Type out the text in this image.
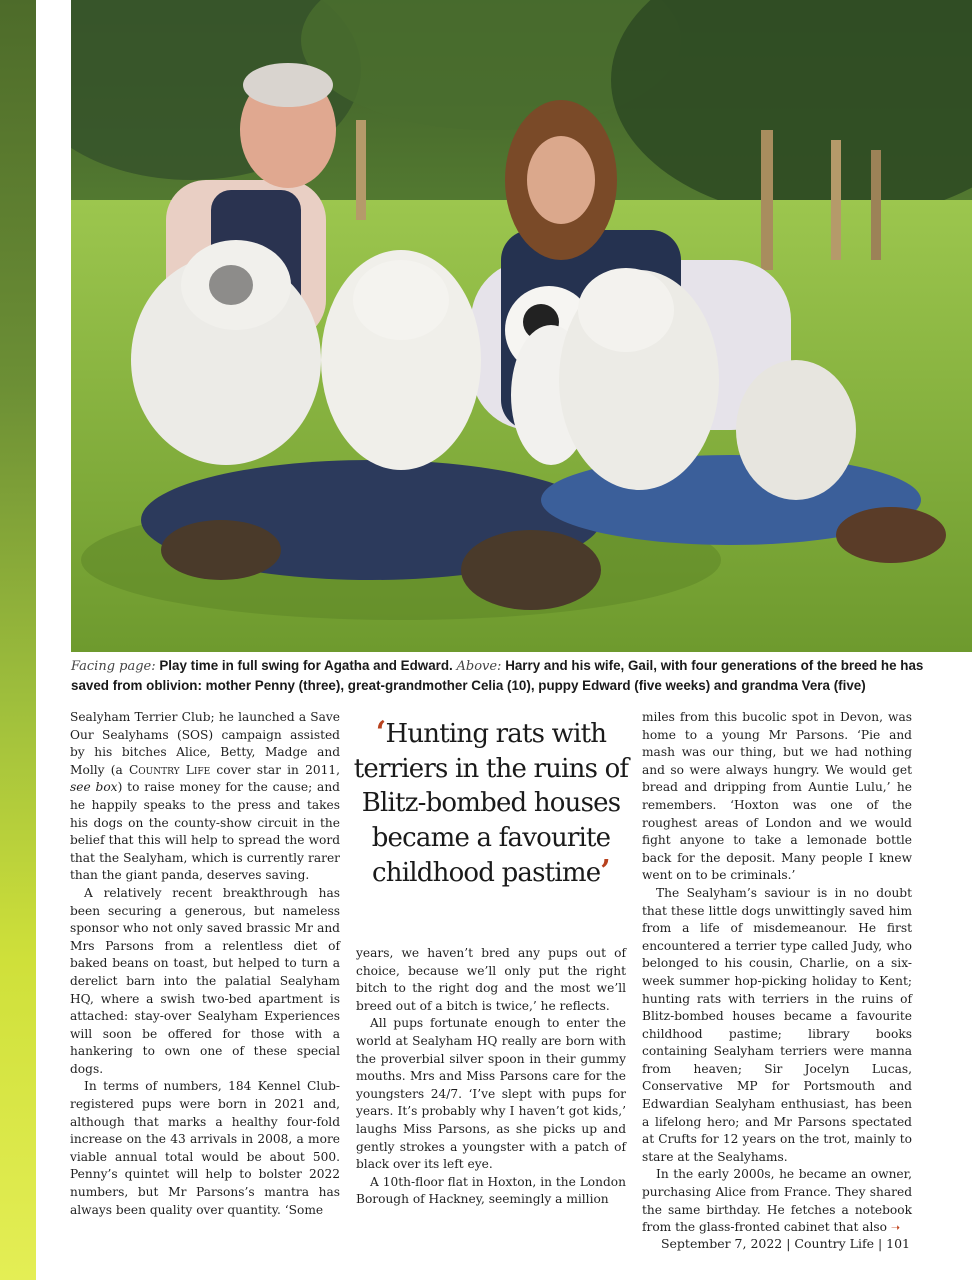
Facing page: Play time in full swing for Agatha and Edward. Above: Harry and his wife, Gail, with four generations of the breed he has saved from oblivion: mother Penny (three), great-grandmother Celia (10), puppy Edward (five weeks) and grandma Vera (five)

Sealyham Terrier Club; he launched a Save Our Sealyhams (SOS) campaign assisted by his bitches Alice, Betty, Madge and Molly (a Country Life cover star in 2011, see box) to raise money for the cause; and he happily speaks to the press and takes his dogs on the county-show circuit in the belief that this will help to spread the word that the Sealyham, which is currently rarer than the giant panda, deserves saving.

A relatively recent breakthrough has been securing a generous, but nameless sponsor who not only saved brassic Mr and Mrs Parsons from a relentless diet of baked beans on toast, but helped to turn a derelict barn into the palatial Sealyham HQ, where a swish two-bed apartment is attached: stay-over Sealyham Experiences will soon be offered for those with a hankering to own one of these special dogs.

In terms of numbers, 184 Kennel Club-registered pups were born in 2021 and, although that marks a healthy four-fold increase on the 43 arrivals in 2008, a more viable annual total would be about 500. Penny’s quintet will help to bolster 2022 numbers, but Mr Parsons’s mantra has always been quality over quantity. ‘Some

‘Hunting rats with terriers in the ruins of Blitz-bombed houses became a favourite childhood pastime’

years, we haven’t bred any pups out of choice, because we’ll only put the right bitch to the right dog and the most we’ll breed out of a bitch is twice,’ he reflects.

All pups fortunate enough to enter the world at Sealyham HQ really are born with the proverbial silver spoon in their gummy mouths. Mrs and Miss Parsons care for the youngsters 24/7. ‘I’ve slept with pups for years. It’s probably why I haven’t got kids,’ laughs Miss Parsons, as she picks up and gently strokes a youngster with a patch of black over its left eye.

A 10th-floor flat in Hoxton, in the London Borough of Hackney, seemingly a million

miles from this bucolic spot in Devon, was home to a young Mr Parsons. ‘Pie and mash was our thing, but we had nothing and so were always hungry. We would get bread and dripping from Auntie Lulu,’ he remembers. ‘Hoxton was one of the roughest areas of London and we would fight anyone to take a lemonade bottle back for the deposit. Many people I knew went on to be criminals.’

The Sealyham’s saviour is in no doubt that these little dogs unwittingly saved him from a life of misdemeanour. He first encountered a terrier type called Judy, who belonged to his cousin, Charlie, on a six-week summer hop-picking holiday to Kent; hunting rats with terriers in the ruins of Blitz-bombed houses became a favourite childhood pastime; library books containing Sealyham terriers were manna from heaven; Sir Jocelyn Lucas, Conservative MP for Portsmouth and Edwardian Sealyham enthusiast, has been a lifelong hero; and Mr Parsons spectated at Crufts for 12 years on the trot, mainly to stare at the Sealyhams.

In the early 2000s, he became an owner, purchasing Alice from France. They shared the same birthday. He fetches a notebook from the glass-fronted cabinet that also ➝

September 7, 2022 | Country Life | 101
